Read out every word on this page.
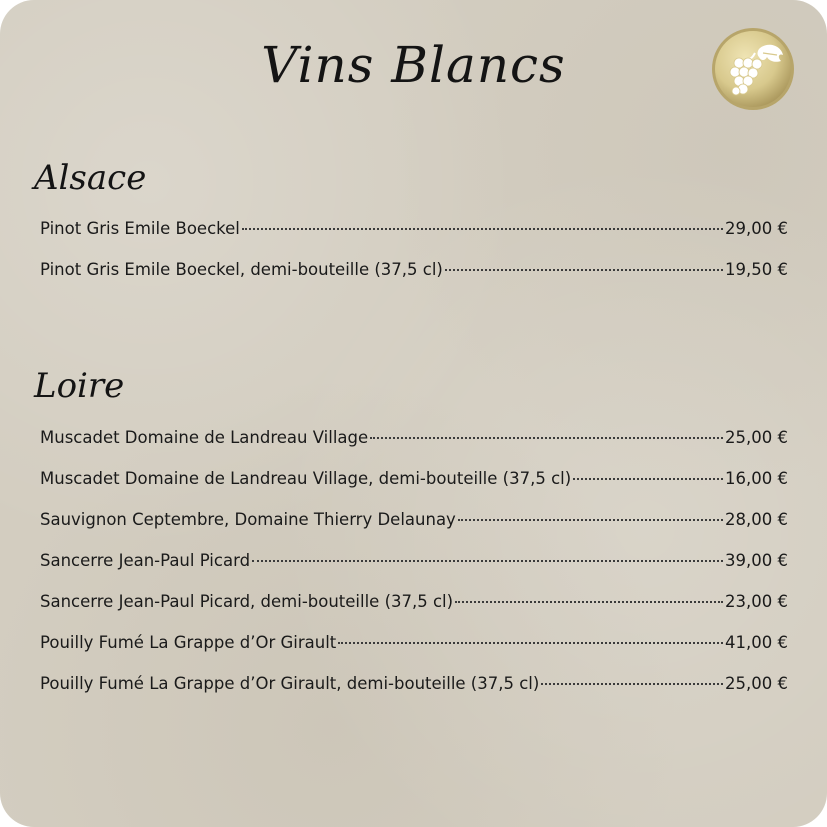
Vins Blancs
Alsace
Pinot Gris Emile Boeckel	29,00 €
Pinot Gris Emile Boeckel, demi-bouteille (37,5 cl)	19,50 €
Loire
Muscadet Domaine de Landreau Village	25,00 €
Muscadet Domaine de Landreau Village, demi-bouteille (37,5 cl)	16,00 €
Sauvignon Ceptembre, Domaine Thierry Delaunay	28,00 €
Sancerre Jean-Paul Picard	39,00 €
Sancerre Jean-Paul Picard, demi-bouteille (37,5 cl)	23,00 €
Pouilly Fumé La Grappe d’Or Girault	41,00 €
Pouilly Fumé La Grappe d’Or Girault, demi-bouteille (37,5 cl)	25,00 €
